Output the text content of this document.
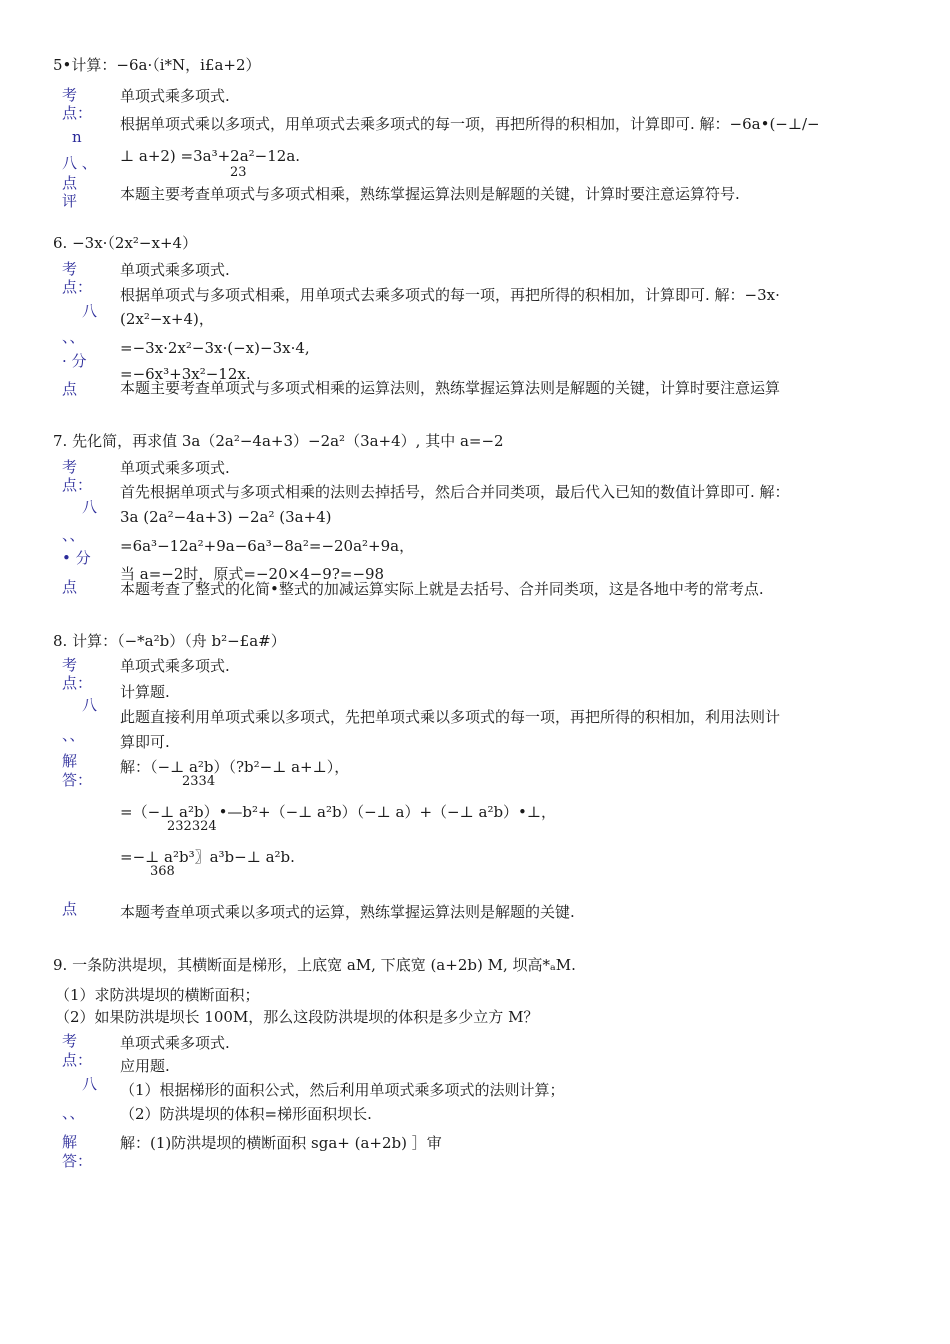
5•计算：−6a·（i*N，i£a+2）
考
点：
n
八 、
点
评
单项式乘多项式.
根据单项式乘以多项式，用单项式去乘多项式的每一项，再把所得的积相加，计算即可. 解：−6a•(−⊥/−
⊥ a+2) =3a³+2a²−12a.
23
本题主要考查单项式与多项式相乘，熟练掌握运算法则是解题的关键，计算时要注意运算符号.
6. −3x·（2x²−x+4）
考
点：
八
、、
· 分
点
单项式乘多项式.
根据单项式与多项式相乘，用单项式去乘多项式的每一项，再把所得的积相加，计算即可. 解：−3x·
(2x²−x+4)，
=−3x·2x²−3x·(−x)−3x·4,
=−6x³+3x²−12x.
本题主要考查单项式与多项式相乘的运算法则，熟练掌握运算法则是解题的关键，计算时要注意运算
7. 先化简，再求值 3a（2a²−4a+3）−2a²（3a+4）, 其中 a=−2
考
点：
八
、、
• 分
点
单项式乘多项式.
首先根据单项式与多项式相乘的法则去掉括号，然后合并同类项，最后代入已知的数值计算即可. 解：
3a (2a²−4a+3) −2a² (3a+4)
=6a³−12a²+9a−6a³−8a²=−20a²+9a，
当 a=−2时，原式=−20×4−9?=−98
本题考查了整式的化简•整式的加减运算实际上就是去括号、合并同类项，这是各地中考的常考点.
8. 计算：（−*a²b）（舟 b²−£a#）
考
点：
八
、、
解
答：
点
单项式乘多项式.
计算题.
此题直接利用单项式乘以多项式，先把单项式乘以多项式的每一项，再把所得的积相加，利用法则计
算即可.
解：（−⊥ a²b）（?b²−⊥ a+⊥），
2334
=（−⊥ a²b）•—b²+（−⊥ a²b）（−⊥ a）+（−⊥ a²b）•⊥，
232324
=−⊥ a²b³〗a³b−⊥ a²b.
368
本题考查单项式乘以多项式的运算，熟练掌握运算法则是解题的关键.
9. 一条防洪堤坝，其横断面是梯形，上底宽 aM, 下底宽 (a+2b) M, 坝高*ₐM.
（1）求防洪堤坝的横断面积；
（2）如果防洪堤坝长 100M，那么这段防洪堤坝的体积是多少立方 M？
考
点：
八
、、
解
答：
单项式乘多项式.
应用题.
（1）根据梯形的面积公式，然后利用单项式乘多项式的法则计算；
（2）防洪堤坝的体积=梯形面积坝长.
解：(1)防洪堤坝的横断面积 sga+ (a+2b) ］审
